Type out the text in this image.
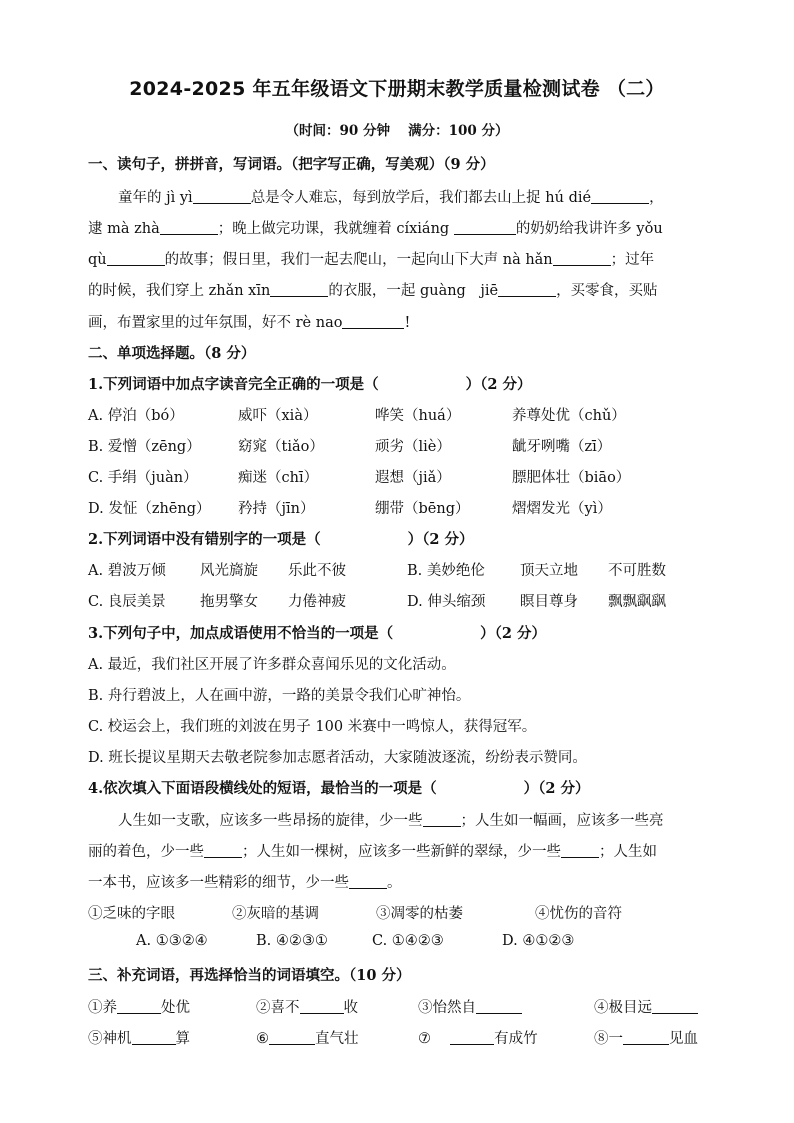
2024-2025 年五年级语文下册期末教学质量检测试卷 （二）
（时间：90 分钟　 满分：100 分）
一、读句子，拼拼音，写词语。（把字写正确，写美观）（9 分）
童年的 jì yì	总是令人难忘，每到放学后，我们都去山上捉 hú dié	，
逮 mà zhà	；晚上做完功课，我就缠着 cíxiáng	的奶奶给我讲许多 yǒu
qù	的故事；假日里，我们一起去爬山，一起向山下大声 nà hǎn	；过年
的时候，我们穿上 zhǎn xīn	的衣服，一起 guàng　jiē	，买零食，买贴
画，布置家里的过年氛围，好不 rè nao	!
二、单项选择题。（8 分）
1.下列词语中加点字读音完全正确的一项是（　　　　　　）（2 分）
A. 停泊（bó）	威吓（xià）	哗笑（huá）	养尊处优（chǔ）
B. 爱憎（zēng）	窈窕（tiǎo）	顽劣（liè）	龇牙咧嘴（zī）
C. 手绢（juàn）	痴迷（chī）	遐想（jiǎ）	膘肥体壮（biāo）
D. 发怔（zhēng） 矜持（jīn）	绷带（bēng）	熠熠发光（yì）
2.下列词语中没有错别字的一项是（　　　　　　）（2 分）
A. 碧波万倾 风光旖旋 乐此不彼	B. 美妙绝伦 顶天立地 不可胜数
C. 良辰美景 拖男擎女 力倦神疲	D. 伸头缩颈 瞑目尊身 飘飘飖飖
3.下列句子中，加点成语使用不恰当的一项是（　　　　　　）（2 分）
A. 最近，我们社区开展了许多群众喜闻乐见的文化活动。
B. 舟行碧波上，人在画中游，一路的美景令我们心旷神怡。
C. 校运会上，我们班的刘波在男子 100 米赛中一鸣惊人，获得冠军。
D. 班长提议星期天去敬老院参加志愿者活动，大家随波逐流，纷纷表示赞同。
4.依次填入下面语段横线处的短语，最恰当的一项是（　　　　　　）（2 分）
人生如一支歌，应该多一些昂扬的旋律，少一些	；人生如一幅画，应该多一些亮
丽的着色，少一些	；人生如一棵树，应该多一些新鲜的翠绿，少一些	；人生如
一本书，应该多一些精彩的细节，少一些	。
①乏味的字眼	②灰暗的基调	③凋零的枯萎	④忧伤的音符
A. ①③②④	B. ④②③①	C. ①④②③	D. ④①②③
三、补充词语，再选择恰当的词语填空。（10 分）
①养	处优	②喜不	收	③怡然自	④极目远
⑤神机	算	⑥	直气壮	⑦　	有成竹	⑧一	见血
